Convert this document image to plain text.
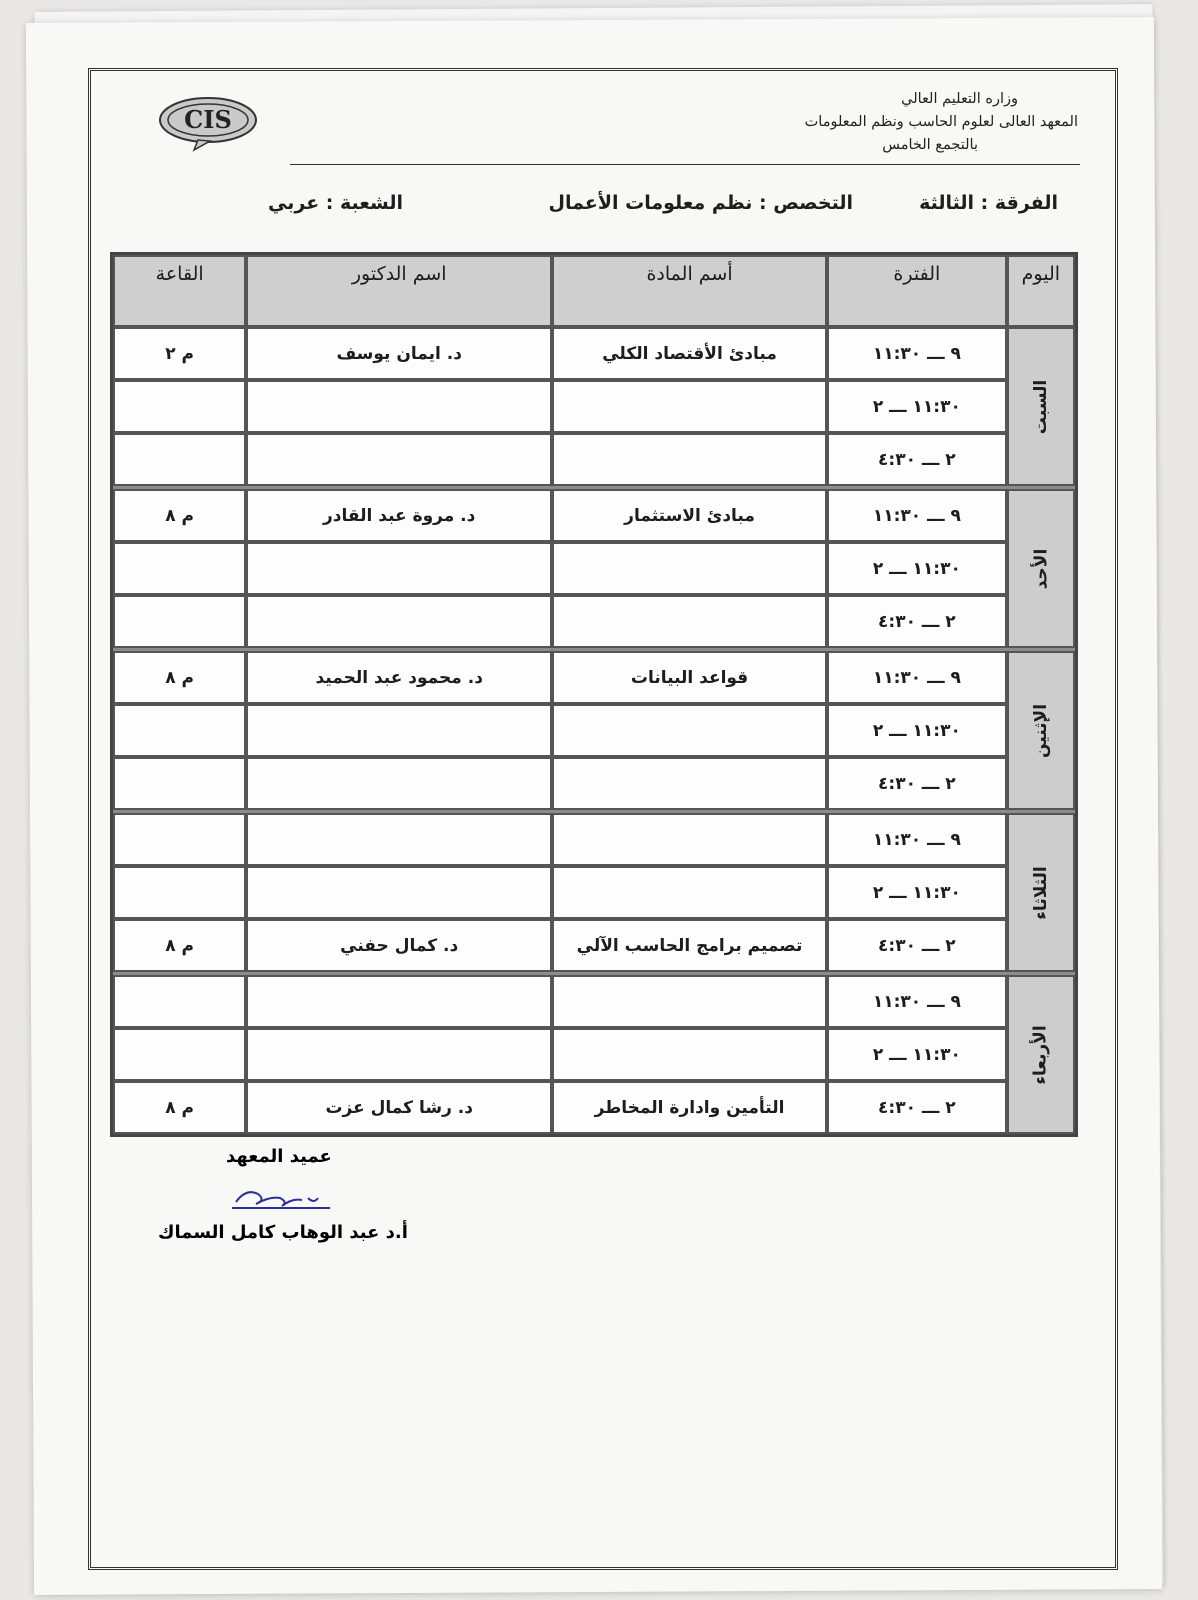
CIS
وزاره التعليم العالي
المعهد العالى لعلوم الحاسب ونظم المعلومات
بالتجمع الخامس
الفرقة : الثالثة
التخصص : نظم معلومات الأعمال
الشعبة : عربي
القاعة	اسم الدكتور	أسم المادة	الفترة	اليوم
م ٢	د. ايمان يوسف	مبادئ الأقتصاد الكلي	٩ ـــ ١١:٣٠	السبت
			١١:٣٠ ـــ ٢	
			٢ ـــ ٤:٣٠	

م ٨	د. مروة عبد القادر	مبادئ الاستثمار	٩ ـــ ١١:٣٠	الأحد
			١١:٣٠ ـــ ٢	
			٢ ـــ ٤:٣٠	

م ٨	د. محمود عبد الحميد	قواعد البيانات	٩ ـــ ١١:٣٠	الإثنين
			١١:٣٠ ـــ ٢	
			٢ ـــ ٤:٣٠	

			٩ ـــ ١١:٣٠	الثلاثاء
			١١:٣٠ ـــ ٢	
م ٨	د. كمال حفني	تصميم برامج الحاسب الآلي	٢ ـــ ٤:٣٠	

			٩ ـــ ١١:٣٠	الأربعاء
			١١:٣٠ ـــ ٢	
م ٨	د. رشا كمال عزت	التأمين وادارة المخاطر	٢ ـــ ٤:٣٠	
عميد المعهد
أ.د عبد الوهاب كامل السماك
